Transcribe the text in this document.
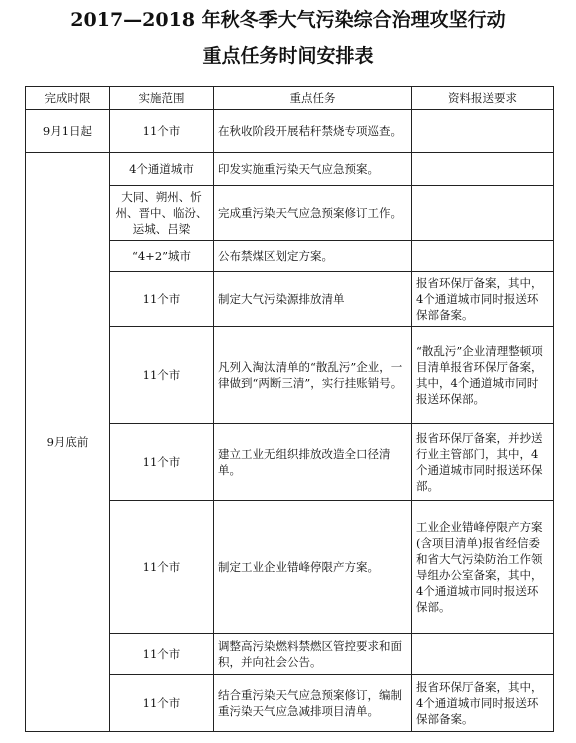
2017—2018 年秋冬季大气污染综合治理攻坚行动
重点任务时间安排表
完成时限	实施范围	重点任务	资料报送要求
9月1日起	11个市	在秋收阶段开展秸秆禁烧专项巡查。	
9月底前	4个通道城市	印发实施重污染天气应急预案。	
	大同、朔州、忻州、晋中、临汾、运城、吕梁	完成重污染天气应急预案修订工作。	
	“4+2”城市	公布禁煤区划定方案。	
	11个市	制定大气污染源排放清单	报省环保厅备案，其中，4个通道城市同时报送环保部备案。
	11个市	凡列入淘汰清单的“散乱污”企业，一律做到“两断三清”，实行挂账销号。	“散乱污”企业清理整顿项目清单报省环保厅备案，其中，4个通道城市同时报送环保部。
	11个市	建立工业无组织排放改造全口径清单。	报省环保厅备案，并抄送行业主管部门，其中，4个通道城市同时报送环保部。
	11个市	制定工业企业错峰停限产方案。	工业企业错峰停限产方案(含项目清单)报省经信委和省大气污染防治工作领导组办公室备案，其中，4个通道城市同时报送环保部。
	11个市	调整高污染燃料禁燃区管控要求和面积，并向社会公告。	
	11个市	结合重污染天气应急预案修订，编制重污染天气应急减排项目清单。	报省环保厅备案，其中，4个通道城市同时报送环保部备案。
